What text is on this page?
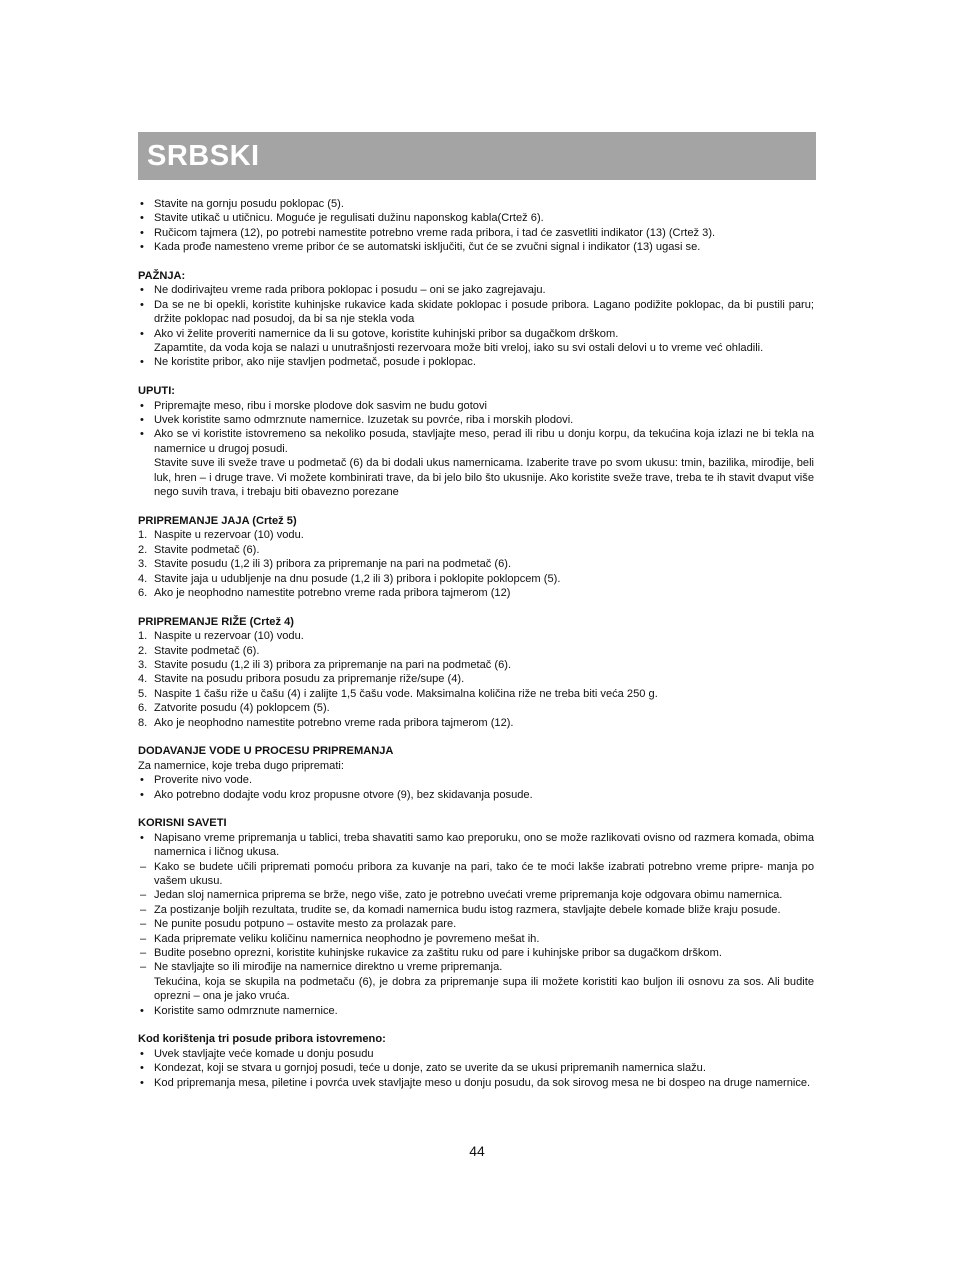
SRBSKI
• Stavite na gornju posudu poklopac (5).
• Stavite utikač u utičnicu. Moguće je regulisati dužinu naponskog kabla(Crtež 6).
• Ručicom tajmera (12), po potrebi namestite potrebno vreme rada pribora, i tad će zasvetliti indikator (13) (Crtež 3).
• Kada prođe namesteno vreme pribor će se automatski isključiti, čut će se zvučni signal i indikator (13) ugasi se.
PAŽNJA:
• Ne dodirivajteu vreme rada pribora poklopac i posudu – oni se jako zagrejavaju.
• Da se ne bi opekli, koristite kuhinjske rukavice kada skidate poklopac i posude pribora. Lagano podižite poklopac, da bi pustili paru; držite poklopac nad posudoj, da bi sa nje stekla voda
• Ako vi želite proveriti namernice da li su gotove, koristite kuhinjski pribor sa dugačkom drškom.
Zapamtite, da voda koja se nalazi u unutrašnjosti rezervoara može biti vreloj, iako su svi ostali delovi u to vreme već ohladili.
• Ne koristite pribor, ako nije stavljen podmetač, posude i poklopac.
UPUTI:
• Pripremajte meso, ribu i morske plodove dok sasvim ne budu gotovi
• Uvek koristite samo odmrznute namernice. Izuzetak su povrće, riba i morskih plodovi.
• Ako se vi koristite istovremeno sa nekoliko posuda, stavljajte meso, perad ili ribu u donju korpu, da tekućina koja izlazi ne bi tekla na namernice u drugoj posudi.
Stavite suve ili sveže trave u podmetač (6) da bi dodali ukus namernicama. Izaberite trave po svom ukusu: tmin, bazilika, mirođije, beli luk, hren – i druge trave. Vi možete kombinirati trave, da bi jelo bilo što ukusnije. Ako koristite sveže trave, treba te ih stavit dvaput više nego suvih trava, i trebaju biti obavezno porezane
PRIPREMANJE JAJA (Crtež 5)
1. Naspite u rezervoar (10) vodu.
2. Stavite podmetač (6).
3. Stavite posudu (1,2 ili 3) pribora za pripremanje na pari na podmetač (6).
4. Stavite jaja u udubljenje na dnu posude (1,2 ili 3) pribora i poklopite poklopcem (5).
6. Ako je neophodno namestite potrebno vreme rada pribora tajmerom (12)
PRIPREMANJE RIŽE (Crtež 4)
1. Naspite u rezervoar (10) vodu.
2. Stavite podmetač (6).
3. Stavite posudu (1,2 ili 3) pribora za pripremanje na pari na podmetač (6).
4. Stavite na posudu pribora posudu za pripremanje riže/supe (4).
5. Naspite 1 čašu riže u čašu (4) i zalijte 1,5 čašu vode. Maksimalna količina riže ne treba biti veća 250 g.
6. Zatvorite posudu (4) poklopcem (5).
8. Ako je neophodno namestite potrebno vreme rada pribora tajmerom (12).
DODAVANJE VODE U PROCESU PRIPREMANJA
Za namernice, koje treba dugo pripremati:
• Proverite nivo vode.
• Ako potrebno dodajte vodu kroz propusne otvore (9), bez skidavanja posude.
KORISNI SAVETI
• Napisano vreme pripremanja u tablici, treba shavatiti samo kao preporuku, ono se može razlikovati ovisno od razmera komada, obima namernica i ličnog ukusa.
– Kako se budete učili pripremati pomoću pribora za kuvanje na pari, tako će te moći lakše izabrati potrebno vreme pripre- manja po vašem ukusu.
– Jedan sloj namernica priprema se brže, nego više, zato je potrebno uvećati vreme pripremanja koje odgovara obimu namernica.
– Za postizanje boljih rezultata, trudite se, da komadi namernica budu istog razmera, stavljajte debele komade bliže kraju posude.
– Ne punite posudu potpuno – ostavite mesto za prolazak pare.
– Kada pripremate veliku količinu namernica neophodno je povremeno mešat ih.
– Budite posebno oprezni, koristite kuhinjske rukavice za zaštitu ruku od pare i kuhinjske pribor sa dugačkom drškom.
– Ne stavljajte so ili mirođije na namernice direktno u vreme pripremanja.
Tekućina, koja se skupila na podmetaču (6), je dobra za pripremanje supa ili možete koristiti kao buljon ili osnovu za sos. Ali budite oprezni – ona je jako vruća.
• Koristite samo odmrznute namernice.
Kod korištenja tri posude pribora istovremeno:
• Uvek stavljajte veće komade u donju posudu
• Kondezat, koji se stvara u gornjoj posudi, teće u donje, zato se uverite da se ukusi pripremanih namernica slažu.
• Kod pripremanja mesa, piletine i povrća uvek stavljajte meso u donju posudu, da sok sirovog mesa ne bi dospeo na druge namernice.
44
